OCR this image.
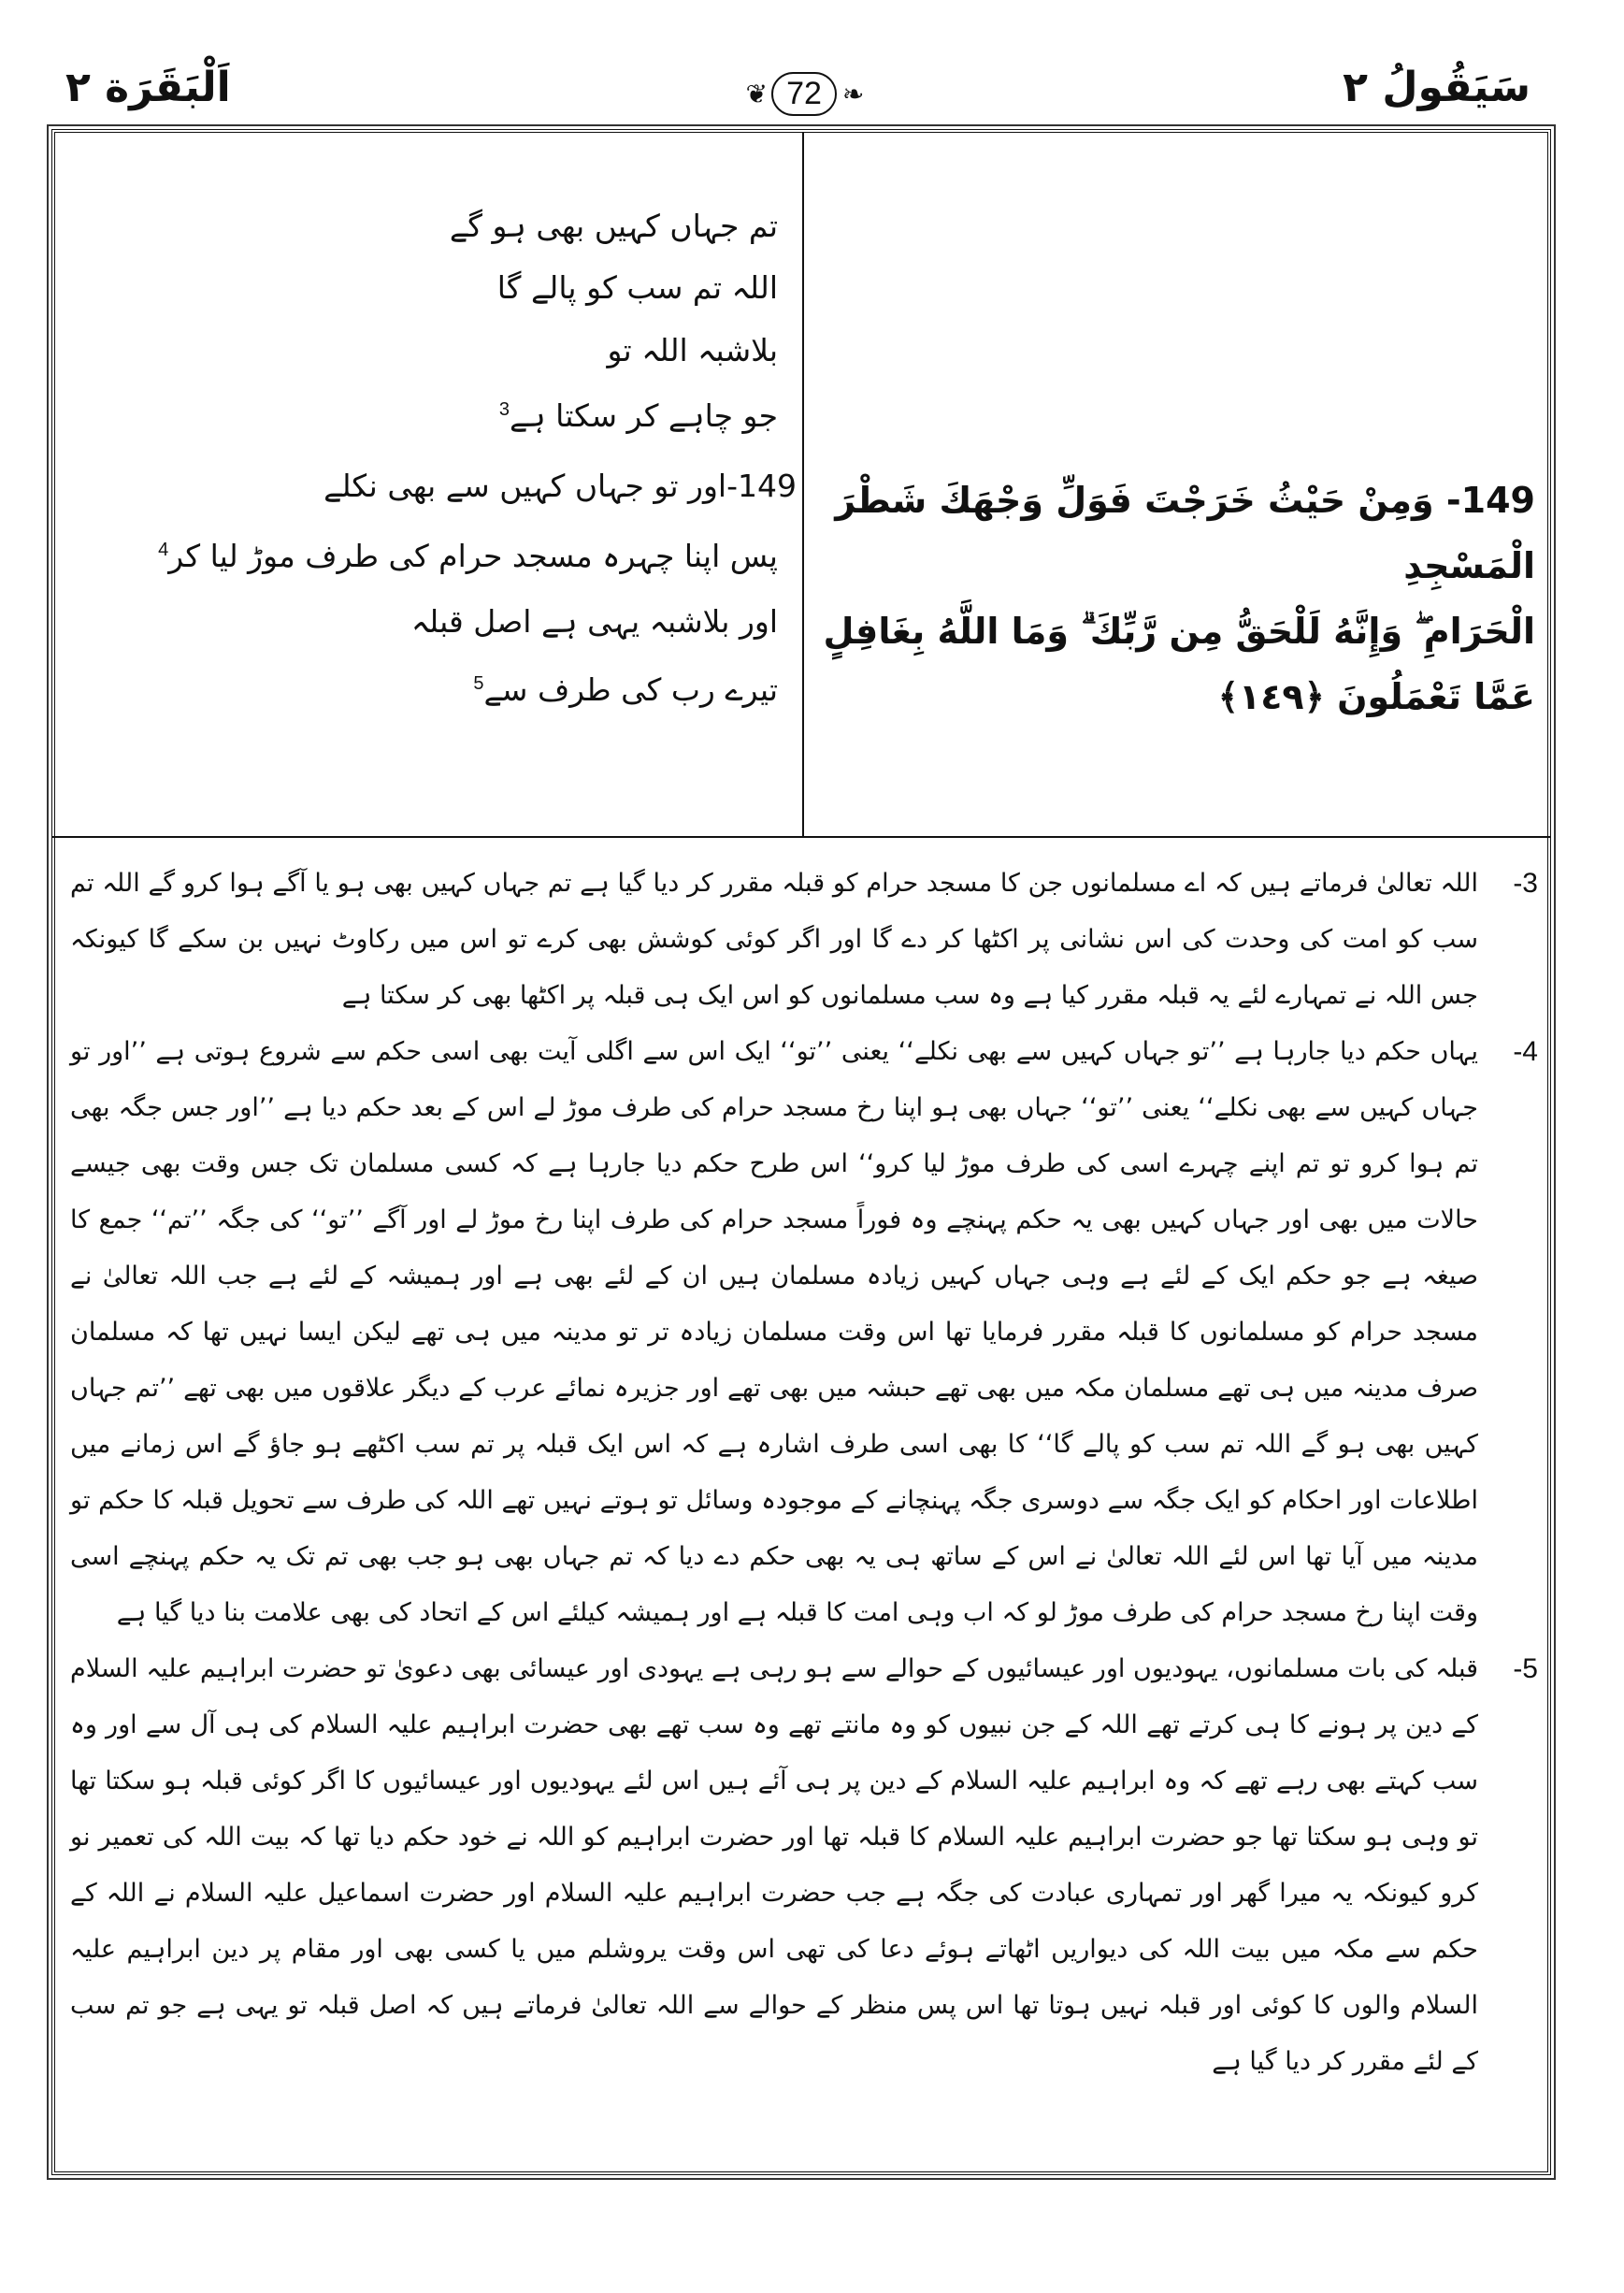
سَيَقُولُ ٢
اَلْبَقَرَة ٢	❦ 72 ❧
149- وَمِنْ حَيْثُ خَرَجْتَ فَوَلِّ وَجْهَكَ شَطْرَ الْمَسْجِدِ
الْحَرَامِ ۖ وَإِنَّهُ لَلْحَقُّ مِن رَّبِّكَ ۗ وَمَا اللَّهُ بِغَافِلٍ
عَمَّا تَعْمَلُونَ ﴿١٤٩﴾
تم جہاں کہیں بھی ہو گے
اللہ تم سب کو پالے گا
بلاشبہ اللہ تو
جو چاہے کر سکتا ہے$^3$
149-اور تو جہاں کہیں سے بھی نکلے
پس اپنا چہرہ مسجد حرام کی طرف موڑ لیا کر$^4$
اور بلاشبہ یہی ہے اصل قبلہ
تیرے رب کی طرف سے$^5$
-3
اللہ تعالیٰ فرماتے ہیں کہ اے مسلمانوں جن کا مسجد حرام کو قبلہ مقرر کر دیا گیا ہے تم جہاں کہیں بھی ہو یا آگے ہوا کرو گے اللہ تم سب کو امت کی وحدت کی اس نشانی پر اکٹھا کر دے گا اور اگر کوئی کوشش بھی کرے تو اس میں رکاوٹ نہیں بن سکے گا کیونکہ جس اللہ نے تمہارے لئے یہ قبلہ مقرر کیا ہے وہ سب مسلمانوں کو اس ایک ہی قبلہ پر اکٹھا بھی کر سکتا ہے
-4
یہاں حکم دیا جارہا ہے ’’تو جہاں کہیں سے بھی نکلے‘‘ یعنی ’’تو‘‘ ایک اس سے اگلی آیت بھی اسی حکم سے شروع ہوتی ہے ’’اور تو جہاں کہیں سے بھی نکلے‘‘ یعنی ’’تو‘‘ جہاں بھی ہو اپنا رخ مسجد حرام کی طرف موڑ لے اس کے بعد حکم دیا ہے ’’اور جس جگہ بھی تم ہوا کرو تو تم اپنے چہرے اسی کی طرف موڑ لیا کرو‘‘ اس طرح حکم دیا جارہا ہے کہ کسی مسلمان تک جس وقت بھی جیسے حالات میں بھی اور جہاں کہیں بھی یہ حکم پہنچے وہ فوراً مسجد حرام کی طرف اپنا رخ موڑ لے اور آگے ’’تو‘‘ کی جگہ ’’تم‘‘ جمع کا صیغہ ہے جو حکم ایک کے لئے ہے وہی جہاں کہیں زیادہ مسلمان ہیں ان کے لئے بھی ہے اور ہمیشہ کے لئے ہے جب اللہ تعالیٰ نے مسجد حرام کو مسلمانوں کا قبلہ مقرر فرمایا تھا اس وقت مسلمان زیادہ تر تو مدینہ میں ہی تھے لیکن ایسا نہیں تھا کہ مسلمان صرف مدینہ میں ہی تھے مسلمان مکہ میں بھی تھے حبشہ میں بھی تھے اور جزیرہ نمائے عرب کے دیگر علاقوں میں بھی تھے ’’تم جہاں کہیں بھی ہو گے اللہ تم سب کو پالے گا‘‘ کا بھی اسی طرف اشارہ ہے کہ اس ایک قبلہ پر تم سب اکٹھے ہو جاؤ گے اس زمانے میں اطلاعات اور احکام کو ایک جگہ سے دوسری جگہ پہنچانے کے موجودہ وسائل تو ہوتے نہیں تھے اللہ کی طرف سے تحویل قبلہ کا حکم تو مدینہ میں آیا تھا اس لئے اللہ تعالیٰ نے اس کے ساتھ ہی یہ بھی حکم دے دیا کہ تم جہاں بھی ہو جب بھی تم تک یہ حکم پہنچے اسی وقت اپنا رخ مسجد حرام کی طرف موڑ لو کہ اب وہی امت کا قبلہ ہے اور ہمیشہ کیلئے اس کے اتحاد کی بھی علامت بنا دیا گیا ہے
-5
قبلہ کی بات مسلمانوں، یہودیوں اور عیسائیوں کے حوالے سے ہو رہی ہے یہودی اور عیسائی بھی دعویٰ تو حضرت ابراہیم علیہ السلام کے دین پر ہونے کا ہی کرتے تھے اللہ کے جن نبیوں کو وہ مانتے تھے وہ سب تھے بھی حضرت ابراہیم علیہ السلام کی ہی آل سے اور وہ سب کہتے بھی رہے تھے کہ وہ ابراہیم علیہ السلام کے دین پر ہی آئے ہیں اس لئے یہودیوں اور عیسائیوں کا اگر کوئی قبلہ ہو سکتا تھا تو وہی ہو سکتا تھا جو حضرت ابراہیم علیہ السلام کا قبلہ تھا اور حضرت ابراہیم کو اللہ نے خود حکم دیا تھا کہ بیت اللہ کی تعمیر نو کرو کیونکہ یہ میرا گھر اور تمہاری عبادت کی جگہ ہے جب حضرت ابراہیم علیہ السلام اور حضرت اسماعیل علیہ السلام نے اللہ کے حکم سے مکہ میں بیت اللہ کی دیواریں اٹھاتے ہوئے دعا کی تھی اس وقت یروشلم میں یا کسی بھی اور مقام پر دین ابراہیم علیہ السلام والوں کا کوئی اور قبلہ نہیں ہوتا تھا اس پس منظر کے حوالے سے اللہ تعالیٰ فرماتے ہیں کہ اصل قبلہ تو یہی ہے جو تم سب کے لئے مقرر کر دیا گیا ہے
